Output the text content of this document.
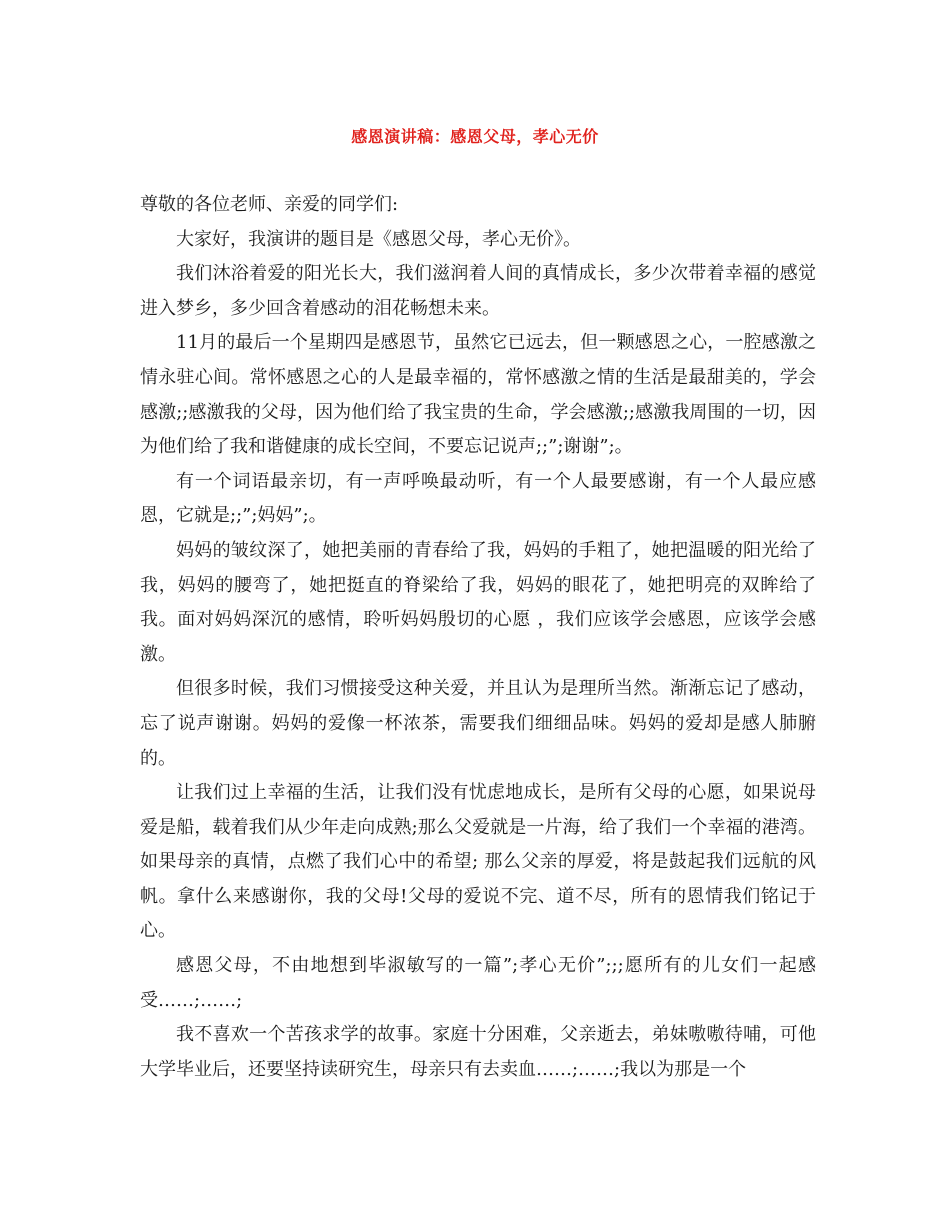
感恩演讲稿：感恩父母，孝心无价

尊敬的各位老师、亲爱的同学们:

大家好，我演讲的题目是《感恩父母，孝心无价》。

我们沐浴着爱的阳光长大，我们滋润着人间的真情成长，多少次带着幸福的感觉进入梦乡，多少回含着感动的泪花畅想未来。

11月的最后一个星期四是感恩节，虽然它已远去，但一颗感恩之心，一腔感激之情永驻心间。常怀感恩之心的人是最幸福的，常怀感激之情的生活是最甜美的，学会感激;;感激我的父母，因为他们给了我宝贵的生命，学会感激;;感激我周围的一切，因为他们给了我和谐健康的成长空间，不要忘记说声;;”;谢谢”;。

有一个词语最亲切，有一声呼唤最动听，有一个人最要感谢，有一个人最应感恩，它就是;;”;妈妈”;。

妈妈的皱纹深了，她把美丽的青春给了我，妈妈的手粗了，她把温暖的阳光给了我，妈妈的腰弯了，她把挺直的脊梁给了我，妈妈的眼花了，她把明亮的双眸给了我。面对妈妈深沉的感情，聆听妈妈殷切的心愿 ，我们应该学会感恩，应该学会感激。

但很多时候，我们习惯接受这种关爱，并且认为是理所当然。渐渐忘记了感动，忘了说声谢谢。妈妈的爱像一杯浓茶，需要我们细细品味。妈妈的爱却是感人肺腑的。

让我们过上幸福的生活，让我们没有忧虑地成长，是所有父母的心愿，如果说母爱是船，载着我们从少年走向成熟;那么父爱就是一片海，给了我们一个幸福的港湾。如果母亲的真情，点燃了我们心中的希望; 那么父亲的厚爱，将是鼓起我们远航的风帆。拿什么来感谢你，我的父母!父母的爱说不完、道不尽，所有的恩情我们铭记于心。

感恩父母，不由地想到毕淑敏写的一篇”;孝心无价”;;;愿所有的儿女们一起感受……;……;

我不喜欢一个苦孩求学的故事。家庭十分困难，父亲逝去，弟妹嗷嗷待哺，可他大学毕业后，还要坚持读研究生，母亲只有去卖血……;……;我以为那是一个
